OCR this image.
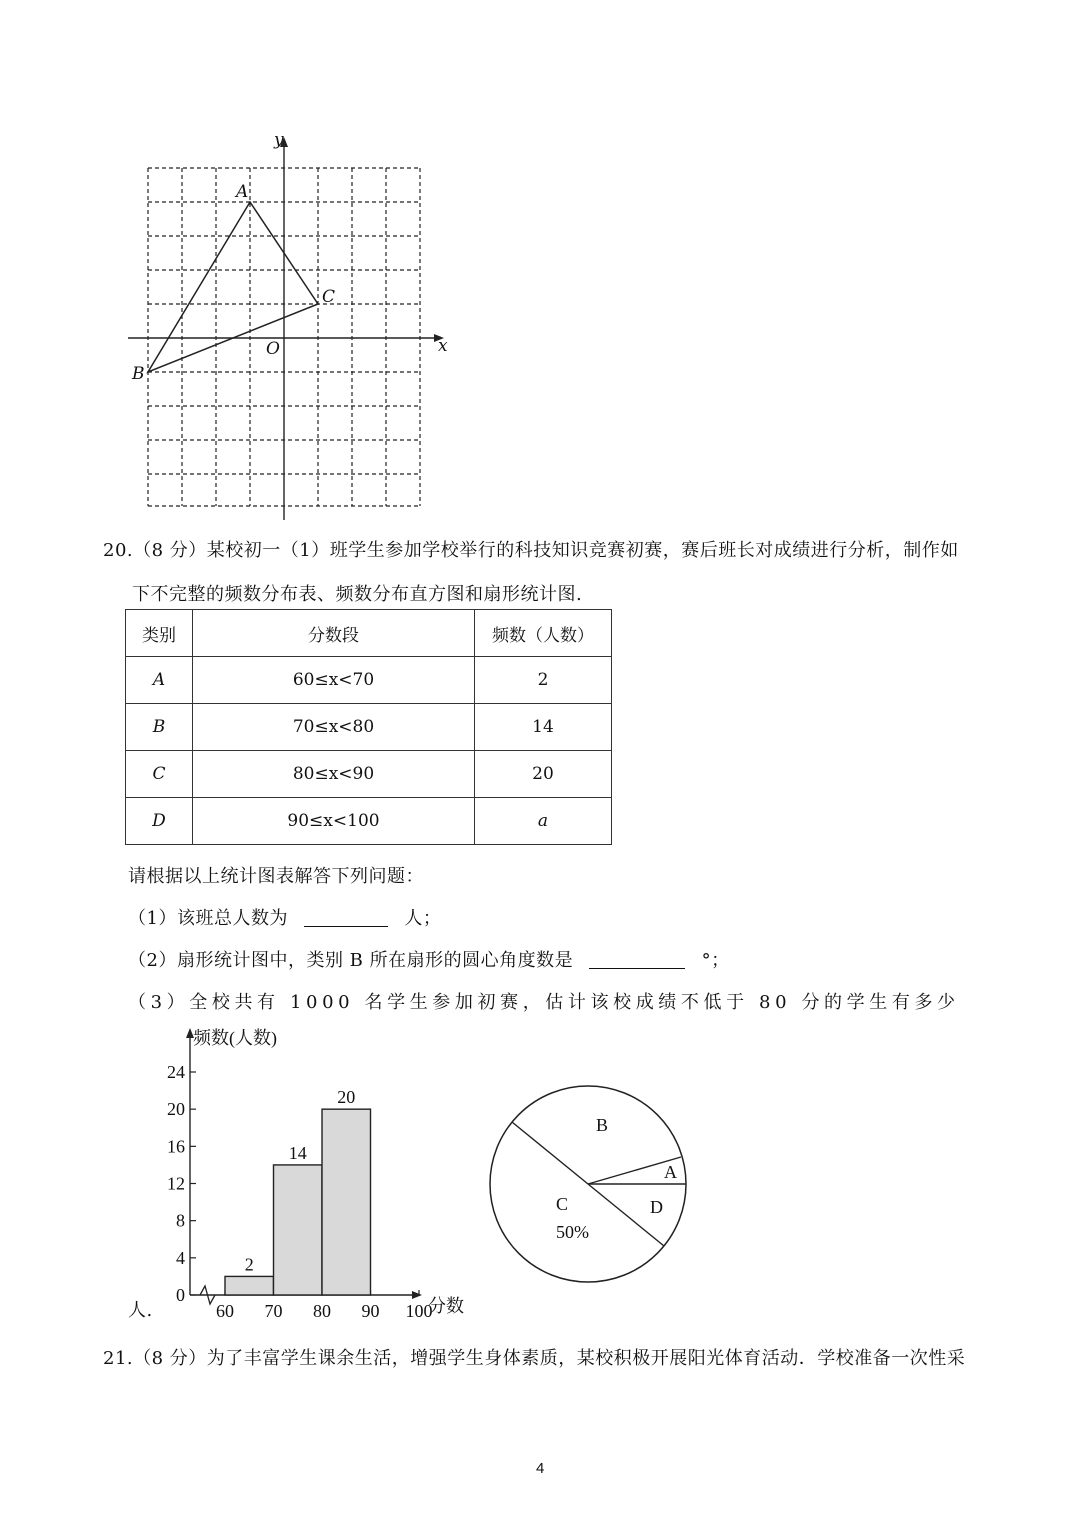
x
y
O
A
B
C
20.（8 分）某校初一（1）班学生参加学校举行的科技知识竞赛初赛，赛后班长对成绩进行分析，制作如
下不完整的频数分布表、频数分布直方图和扇形统计图.
类别	分数段	频数（人数）
A	60≤x<70	2
B	70≤x<80	14
C	80≤x<90	20
D	90≤x<100	a
请根据以上统计图表解答下列问题：
（1）该班总人数为	人；
（2）扇形统计图中，类别 B 所在扇形的圆心角度数是	°；
（3）全校共有 1000 名学生参加初赛，估计该校成绩不低于 80 分的学生有多少
频数(人数)
分数
0
4
8
12
16
20
24
60 70 80 90 100
2
14
20
人.
B
A
D
C
50%
21.（8 分）为了丰富学生课余生活，增强学生身体素质，某校积极开展阳光体育活动．学校准备一次性采
4
